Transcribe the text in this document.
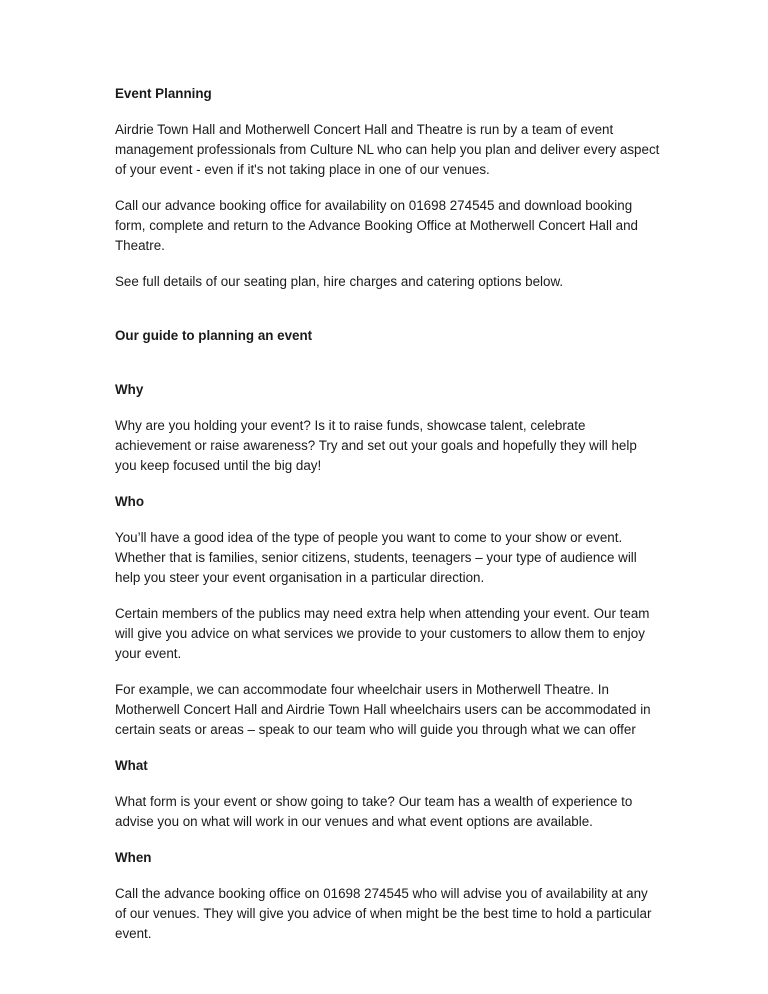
Event Planning

Airdrie Town Hall and Motherwell Concert Hall and Theatre is run by a team of event management professionals from Culture NL who can help you plan and deliver every aspect of your event - even if it's not taking place in one of our venues.

Call our advance booking office for availability on 01698 274545 and download booking form, complete and return to the Advance Booking Office at Motherwell Concert Hall and Theatre.

See full details of our seating plan, hire charges and catering options below.

Our guide to planning an event

Why

Why are you holding your event? Is it to raise funds, showcase talent, celebrate achievement or raise awareness? Try and set out your goals and hopefully they will help you keep focused until the big day!

Who

You’ll have a good idea of the type of people you want to come to your show or event. Whether that is families, senior citizens, students, teenagers – your type of audience will help you steer your event organisation in a particular direction.

Certain members of the publics may need extra help when attending your event. Our team will give you advice on what services we provide to your customers to allow them to enjoy your event.

For example, we can accommodate four wheelchair users in Motherwell Theatre. In Motherwell Concert Hall and Airdrie Town Hall wheelchairs users can be accommodated in certain seats or areas – speak to our team who will guide you through what we can offer

What

What form is your event or show going to take? Our team has a wealth of experience to advise you on what will work in our venues and what event options are available.

When

Call the advance booking office on 01698 274545 who will advise you of availability at any of our venues. They will give you advice of when might be the best time to hold a particular event.
